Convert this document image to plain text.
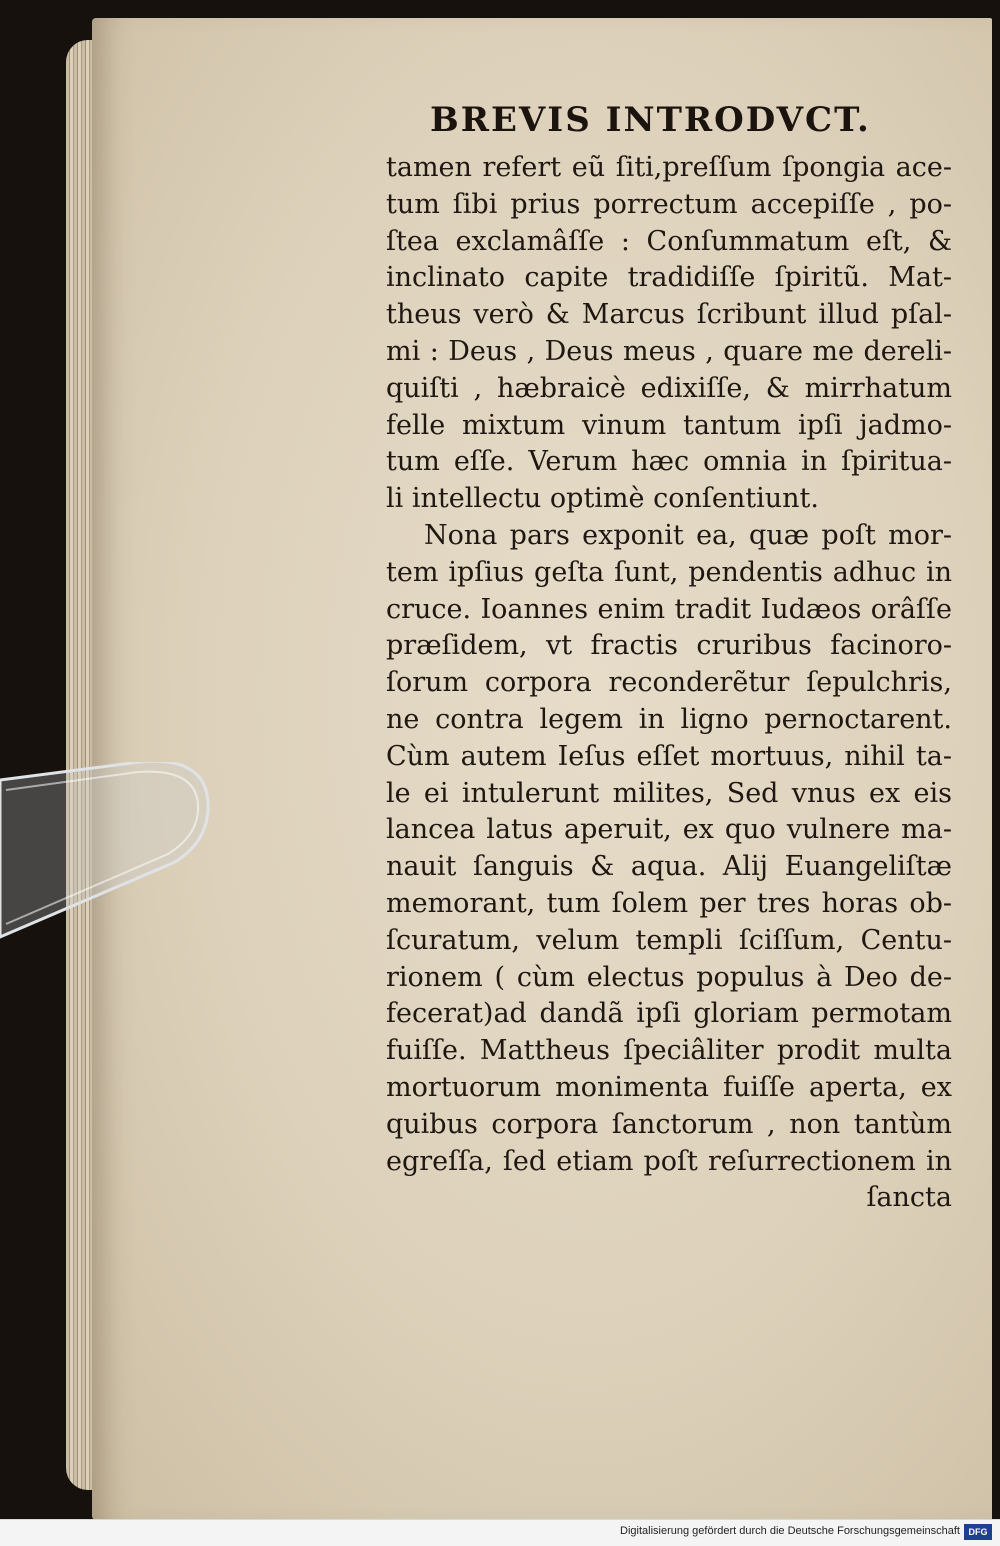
BREVIS INTRODVCT.
tamen refert eũ ſiti,preſſum ſpongia ace-
tum ſibi prius porrectum accepiſſe , po-
ſtea exclamâſſe : Conſummatum eſt, &
inclinato capite tradidiſſe ſpiritũ. Mat-
theus verò & Marcus ſcribunt illud pſal-
mi : Deus , Deus meus , quare me dereli-
quiſti , hæbraicè edixiſſe, & mirrhatum
felle mixtum vinum tantum ipſi jadmo-
tum eſſe. Verum hæc omnia in ſpiritua-
li intellectu optimè conſentiunt.
Nona pars exponit ea, quæ poſt mor-
tem ipſius geſta ſunt, pendentis adhuc in
cruce. Ioannes enim tradit Iudæos orâſſe
præſidem, vt fractis cruribus facinoro-
ſorum corpora reconderẽtur ſepulchris,
ne contra legem in ligno pernoctarent.
Cùm autem Ieſus eſſet mortuus, nihil ta-
le ei intulerunt milites, Sed vnus ex eis
lancea latus aperuit, ex quo vulnere ma-
nauit ſanguis & aqua. Alij Euangeliſtæ
memorant, tum ſolem per tres horas ob-
ſcuratum, velum templi ſciſſum, Centu-
rionem ( cùm electus populus à Deo de-
fecerat)ad dandã ipſi gloriam permotam
fuiſſe. Mattheus ſpeciâliter prodit multa
mortuorum monimenta fuiſſe aperta, ex
quibus corpora ſanctorum , non tantùm
egreſſa, ſed etiam poſt reſurrectionem in
ſancta
Digitalisierung gefördert durch die Deutsche Forschungsgemeinschaft DFG
